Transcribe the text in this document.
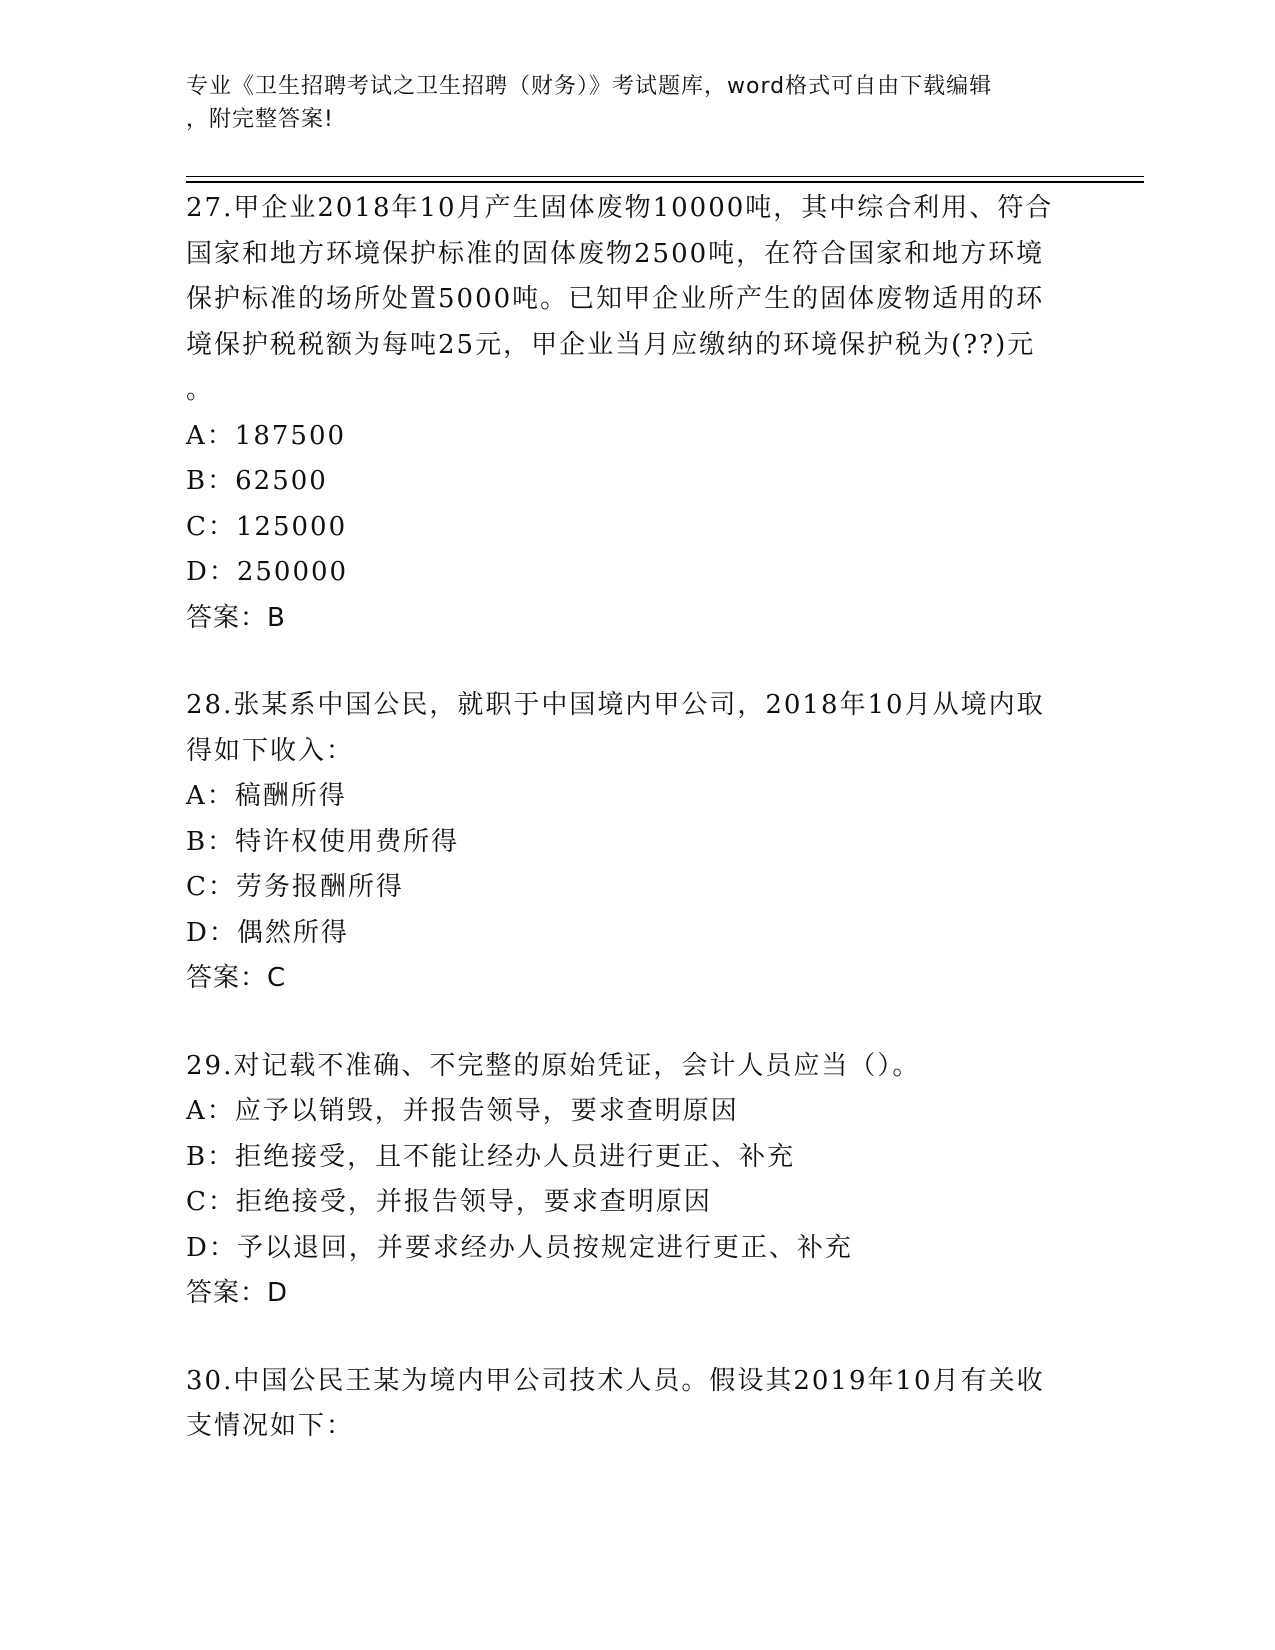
专业《卫生招聘考试之卫生招聘（财务）》考试题库，word格式可自由下载编辑
，附完整答案!
27.甲企业2018年10月产生固体废物10000吨，其中综合利用、符合
国家和地方环境保护标准的固体废物2500吨，在符合国家和地方环境
保护标准的场所处置5000吨。已知甲企业所产生的固体废物适用的环
境保护税税额为每吨25元，甲企业当月应缴纳的环境保护税为(??)元
。
A：187500
B：62500
C：125000
D：250000
答案：B
28.张某系中国公民，就职于中国境内甲公司，2018年10月从境内取
得如下收入：
A：稿酬所得
B：特许权使用费所得
C：劳务报酬所得
D：偶然所得
答案：C
29.对记载不准确、不完整的原始凭证，会计人员应当（）。
A：应予以销毁，并报告领导，要求查明原因
B：拒绝接受，且不能让经办人员进行更正、补充
C：拒绝接受，并报告领导，要求查明原因
D：予以退回，并要求经办人员按规定进行更正、补充
答案：D
30.中国公民王某为境内甲公司技术人员。假设其2019年10月有关收
支情况如下：
